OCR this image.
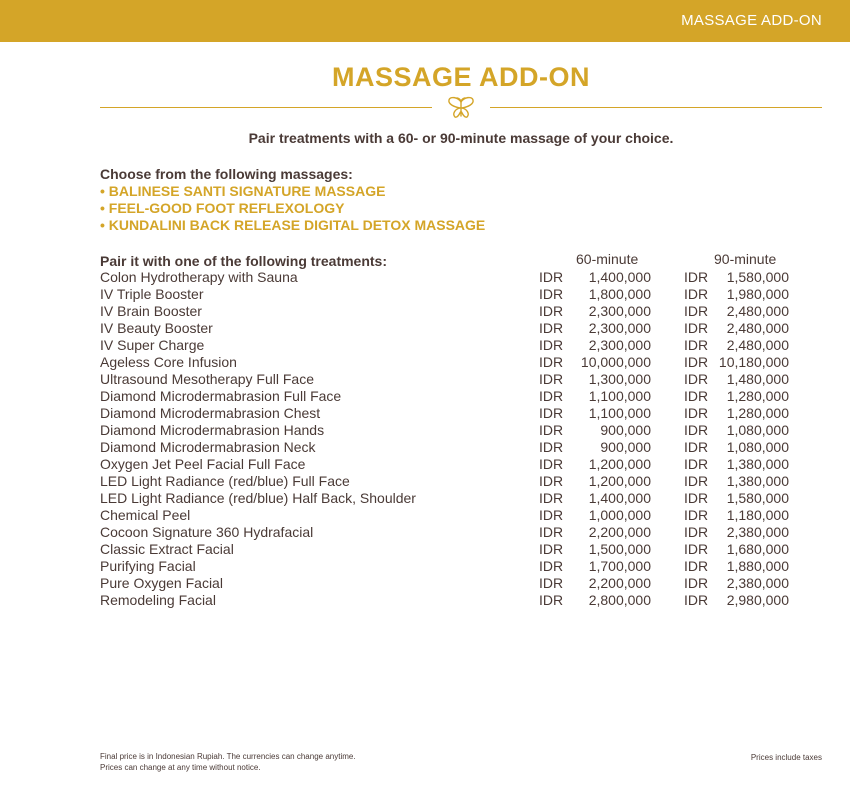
MASSAGE ADD-ON
MASSAGE ADD-ON
Pair treatments with a 60- or 90-minute massage of your choice.
Choose from the following massages:
• BALINESE SANTI SIGNATURE MASSAGE
• FEEL-GOOD FOOT REFLEXOLOGY
• KUNDALINI BACK RELEASE DIGITAL DETOX MASSAGE
Pair it with one of the following treatments:	60-minute	90-minute
Colon Hydrotherapy with Sauna	IDR	1,400,000 IDR	1,580,000
IV Triple Booster	IDR	1,800,000 IDR	1,980,000
IV Brain Booster	IDR	2,300,000 IDR	2,480,000
IV Beauty Booster	IDR	2,300,000 IDR	2,480,000
IV Super Charge	IDR	2,300,000 IDR	2,480,000
Ageless Core Infusion	IDR	10,000,000 IDR 10,180,000
Ultrasound Mesotherapy Full Face	IDR	1,300,000 IDR	1,480,000
Diamond Microdermabrasion Full Face	IDR	1,100,000 IDR	1,280,000
Diamond Microdermabrasion Chest	IDR	1,100,000 IDR	1,280,000
Diamond Microdermabrasion Hands	IDR	900,000 IDR	1,080,000
Diamond Microdermabrasion Neck	IDR	900,000 IDR	1,080,000
Oxygen Jet Peel Facial Full Face	IDR	1,200,000 IDR	1,380,000
LED Light Radiance (red/blue) Full Face	IDR	1,200,000 IDR	1,380,000
LED Light Radiance (red/blue) Half Back, Shoulder	IDR	1,400,000 IDR	1,580,000
Chemical Peel	IDR	1,000,000 IDR	1,180,000
Cocoon Signature 360 Hydrafacial	IDR	2,200,000 IDR	2,380,000
Classic Extract Facial	IDR	1,500,000 IDR	1,680,000
Purifying Facial	IDR	1,700,000 IDR	1,880,000
Pure Oxygen Facial	IDR	2,200,000 IDR	2,380,000
Remodeling Facial	IDR	2,800,000 IDR	2,980,000
Final price is in Indonesian Rupiah. The currencies can change anytime.
Prices can change at any time without notice.
Prices include taxes
